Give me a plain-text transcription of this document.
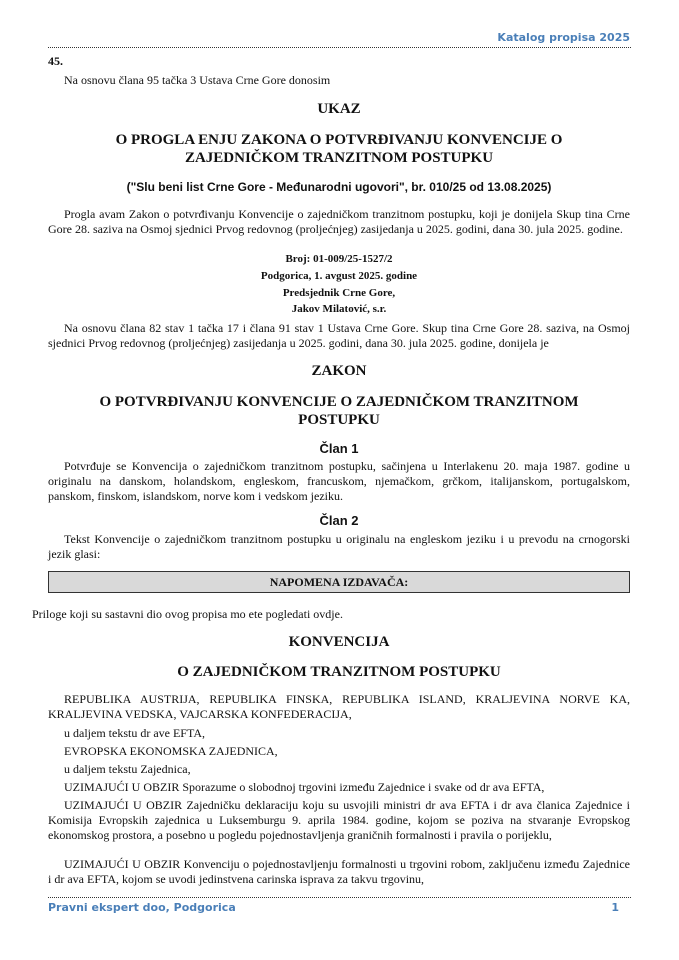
Katalog propisa 2025
45.
Na osnovu člana 95 tačka 3 Ustava Crne Gore donosim
UKAZ
O PROGLA ENJU ZAKONA O POTVRĐIVANJU KONVENCIJE O
ZAJEDNIČKOM TRANZITNOM POSTUPKU
("Slu beni list Crne Gore - Međunarodni ugovori", br. 010/25 od 13.08.2025)
Progla avam Zakon o potvrđivanju Konvencije o zajedničkom tranzitnom postupku, koji je donijela Skup tina Crne Gore 28. saziva na Osmoj sjednici Prvog redovnog (proljećnjeg) zasijedanja u 2025. godini, dana 30. jula 2025. godine.
Broj: 01-009/25-1527/2
Podgorica, 1. avgust 2025. godine
Predsjednik Crne Gore,
Jakov Milatović, s.r.
Na osnovu člana 82 stav 1 tačka 17 i člana 91 stav 1 Ustava Crne Gore. Skup tina Crne Gore 28. saziva, na Osmoj sjednici Prvog redovnog (proljećnjeg) zasijedanja u 2025. godini, dana 30. jula 2025. godine, donijela je
ZAKON
O POTVRĐIVANJU KONVENCIJE O ZAJEDNIČKOM TRANZITNOM
POSTUPKU
Član 1
Potvrđuje se Konvencija o zajedničkom tranzitnom postupku, sačinjena u Interlakenu 20. maja 1987. godine u originalu na danskom, holandskom, engleskom, francuskom, njemačkom, grčkom, italijanskom, portugalskom, panskom, finskom, islandskom, norve kom i vedskom jeziku.
Član 2
Tekst Konvencije o zajedničkom tranzitnom postupku u originalu na engleskom jeziku i u prevodu na crnogorski jezik glasi:
NAPOMENA IZDAVAČA:
Priloge koji su sastavni dio ovog propisa mo ete pogledati ovdje.
KONVENCIJA
O ZAJEDNIČKOM TRANZITNOM POSTUPKU
REPUBLIKA AUSTRIJA, REPUBLIKA FINSKA, REPUBLIKA ISLAND, KRALJEVINA NORVE KA, KRALJEVINA VEDSKA, VAJCARSKA KONFEDERACIJA,
u daljem tekstu dr ave EFTA,
EVROPSKA EKONOMSKA ZAJEDNICA,
u daljem tekstu Zajednica,
UZIMAJUĆI U OBZIR Sporazume o slobodnoj trgovini između Zajednice i svake od dr ava EFTA,
UZIMAJUĆI U OBZIR Zajedničku deklaraciju koju su usvojili ministri dr ava EFTA i dr ava članica Zajednice i Komisija Evropskih zajednica u Luksemburgu 9. aprila 1984. godine, kojom se poziva na stvaranje Evropskog ekonomskog prostora, a posebno u pogledu pojednostavljenja graničnih formalnosti i pravila o porijeklu,
UZIMAJUĆI U OBZIR Konvenciju o pojednostavljenju formalnosti u trgovini robom, zaključenu između Zajednice i dr ava EFTA, kojom se uvodi jedinstvena carinska isprava za takvu trgovinu,
Pravni ekspert doo, Podgorica	1
